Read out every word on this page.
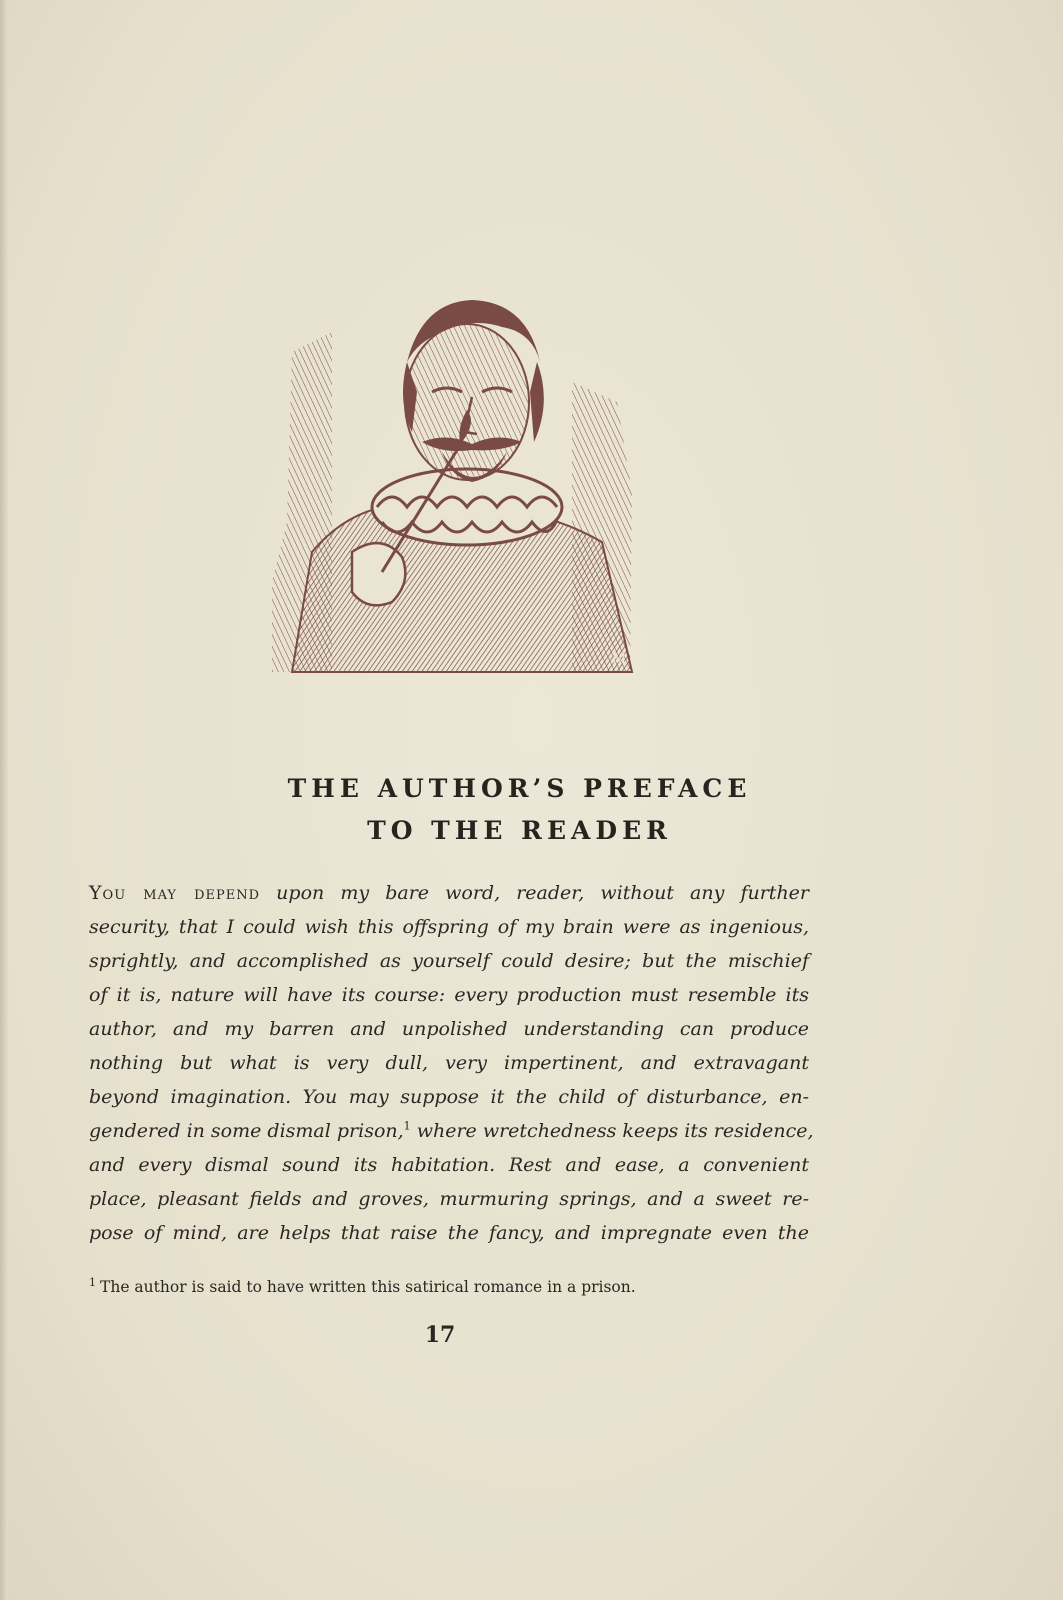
M
THE AUTHOR’S PREFACE
TO THE READER
You may depend upon my bare word, reader, without any further
security, that I could wish this offspring of my brain were as ingenious,
sprightly, and accomplished as yourself could desire; but the mischief
of it is, nature will have its course: every production must resemble its
author, and my barren and unpolished understanding can produce
nothing but what is very dull, very impertinent, and extravagant
beyond imagination. You may suppose it the child of disturbance, en-
gendered in some dismal prison,$^1$ where wretchedness keeps its residence,
and every dismal sound its habitation. Rest and ease, a convenient
place, pleasant fields and groves, murmuring springs, and a sweet re-
pose of mind, are helps that raise the fancy, and impregnate even the
$^1$ The author is said to have written this satirical romance in a prison.
17
